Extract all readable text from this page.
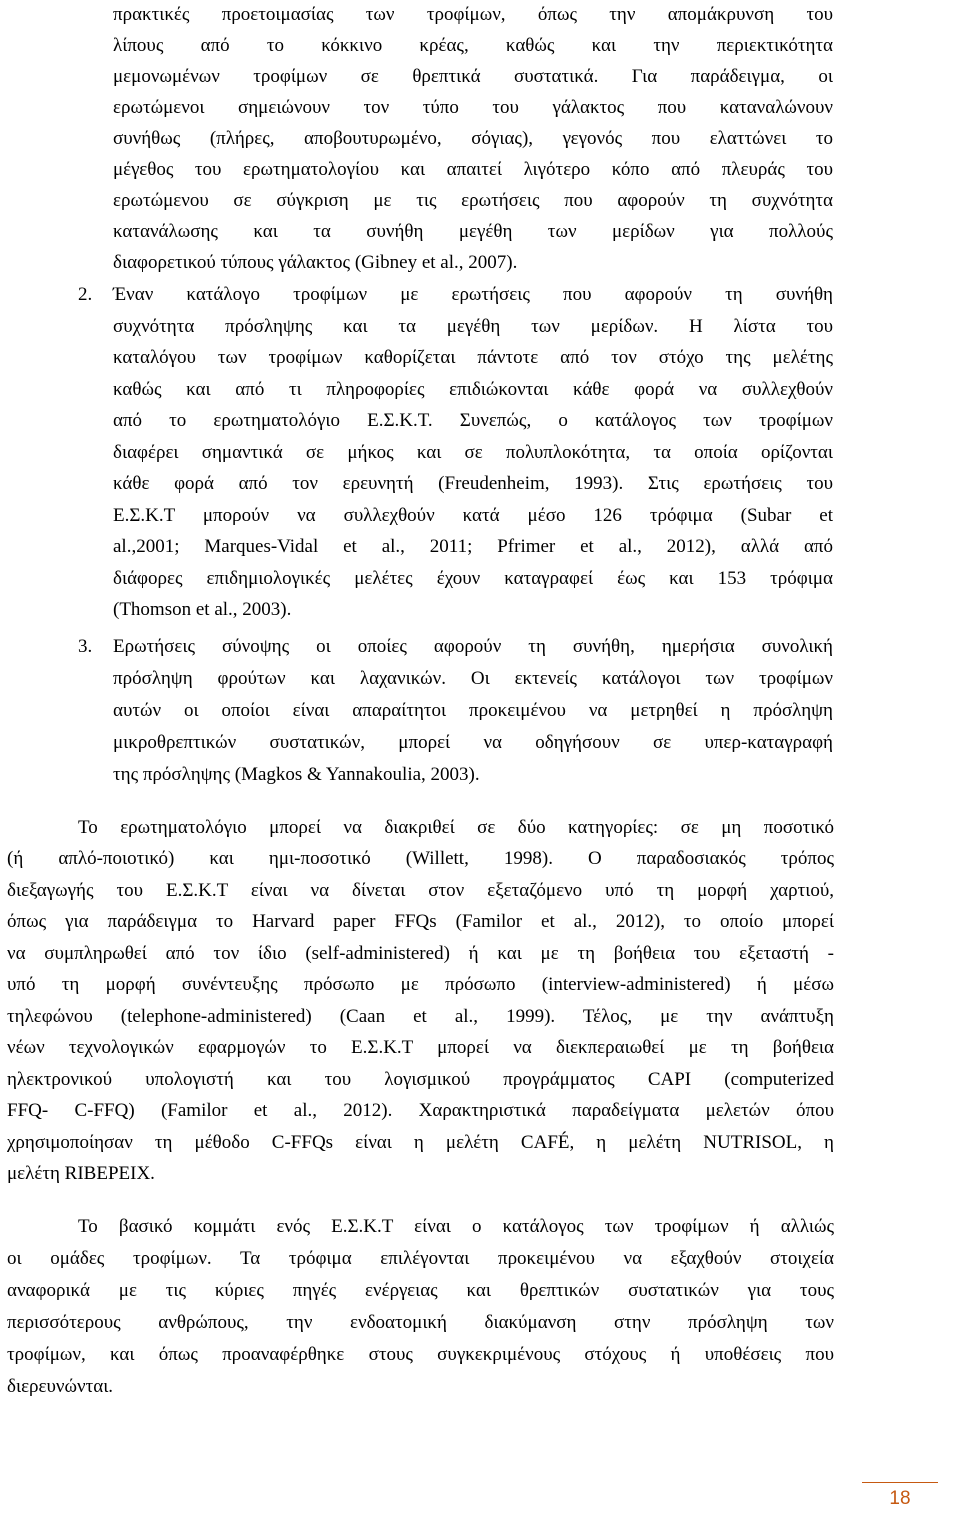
πρακτικές προετοιμασίας των τροφίμων, όπως την απομάκρυνση του
λίπους από το κόκκινο κρέας, καθώς και την περιεκτικότητα
μεμονωμένων τροφίμων σε θρεπτικά συστατικά. Για παράδειγμα, οι
ερωτώμενοι σημειώνουν τον τύπο του γάλακτος που καταναλώνουν
συνήθως (πλήρες, αποβουτυρωμένο, σόγιας), γεγονός που ελαττώνει το
μέγεθος του ερωτηματολογίου και απαιτεί λιγότερο κόπο από πλευράς του
ερωτώμενου σε σύγκριση με τις ερωτήσεις που αφορούν τη συχνότητα
κατανάλωσης και τα συνήθη μεγέθη των μερίδων για πολλούς
διαφορετικού τύπους γάλακτος (Gibney et al., 2007).
2. Έναν κατάλογο τροφίμων με ερωτήσεις που αφορούν τη συνήθη
συχνότητα πρόσληψης και τα μεγέθη των μερίδων. Η λίστα του
καταλόγου των τροφίμων καθορίζεται πάντοτε από τον στόχο της μελέτης
καθώς και από τι πληροφορίες επιδιώκονται κάθε φορά να συλλεχθούν
από το ερωτηματολόγιο Ε.Σ.Κ.Τ. Συνεπώς, ο κατάλογος των τροφίμων
διαφέρει σημαντικά σε μήκος και σε πολυπλοκότητα, τα οποία ορίζονται
κάθε φορά από τον ερευνητή (Freudenheim, 1993). Στις ερωτήσεις του
Ε.Σ.Κ.Τ μπορούν να συλλεχθούν κατά μέσο 126 τρόφιμα (Subar et
al.,2001; Marques-Vidal et al., 2011; Pfrimer et al., 2012), αλλά από
διάφορες επιδημιολογικές μελέτες έχουν καταγραφεί έως και 153 τρόφιμα
(Thomson et al., 2003).
3. Ερωτήσεις σύνοψης οι οποίες αφορούν τη συνήθη, ημερήσια συνολική
πρόσληψη φρούτων και λαχανικών. Οι εκτενείς κατάλογοι των τροφίμων
αυτών οι οποίοι είναι απαραίτητοι προκειμένου να μετρηθεί η πρόσληψη
μικροθρεπτικών συστατικών, μπορεί να οδηγήσουν σε υπερ-καταγραφή
της πρόσληψης (Magkos & Yannakoulia, 2003).
Το ερωτηματολόγιο μπορεί να διακριθεί σε δύο κατηγορίες: σε μη ποσοτικό
(ή απλό-ποιοτικό) και ημι-ποσοτικό (Willett, 1998). Ο παραδοσιακός τρόπος
διεξαγωγής του Ε.Σ.Κ.Τ είναι να δίνεται στον εξεταζόμενο υπό τη μορφή χαρτιού,
όπως για παράδειγμα το Harvard paper FFQs (Familor et al., 2012), το οποίο μπορεί
να συμπληρωθεί από τον ίδιο (self-administered) ή και με τη βοήθεια του εξεταστή -
υπό τη μορφή συνέντευξης πρόσωπο με πρόσωπο (interview-administered) ή μέσω
τηλεφώνου (telephone-administered) (Caan et al., 1999). Τέλος, με την ανάπτυξη
νέων τεχνολογικών εφαρμογών το Ε.Σ.Κ.Τ μπορεί να διεκπεραιωθεί με τη βοήθεια
ηλεκτρονικού υπολογιστή και του λογισμικού προγράμματος CAPI (computerized
FFQ- C-FFQ) (Familor et al., 2012). Χαρακτηριστικά παραδείγματα μελετών όπου
χρησιμοποίησαν τη μέθοδο C-FFQs είναι η μελέτη CAFÉ, η μελέτη NUTRISOL, η
μελέτη RIBEPEIX.
Το βασικό κομμάτι ενός Ε.Σ.Κ.Τ είναι ο κατάλογος των τροφίμων ή αλλιώς
οι ομάδες τροφίμων. Τα τρόφιμα επιλέγονται προκειμένου να εξαχθούν στοιχεία
αναφορικά με τις κύριες πηγές ενέργειας και θρεπτικών συστατικών για τους
περισσότερους ανθρώπους, την ενδοατομική διακύμανση στην πρόσληψη των
τροφίμων, και όπως προαναφέρθηκε στους συγκεκριμένους στόχους ή υποθέσεις που
διερευνώνται.
18
